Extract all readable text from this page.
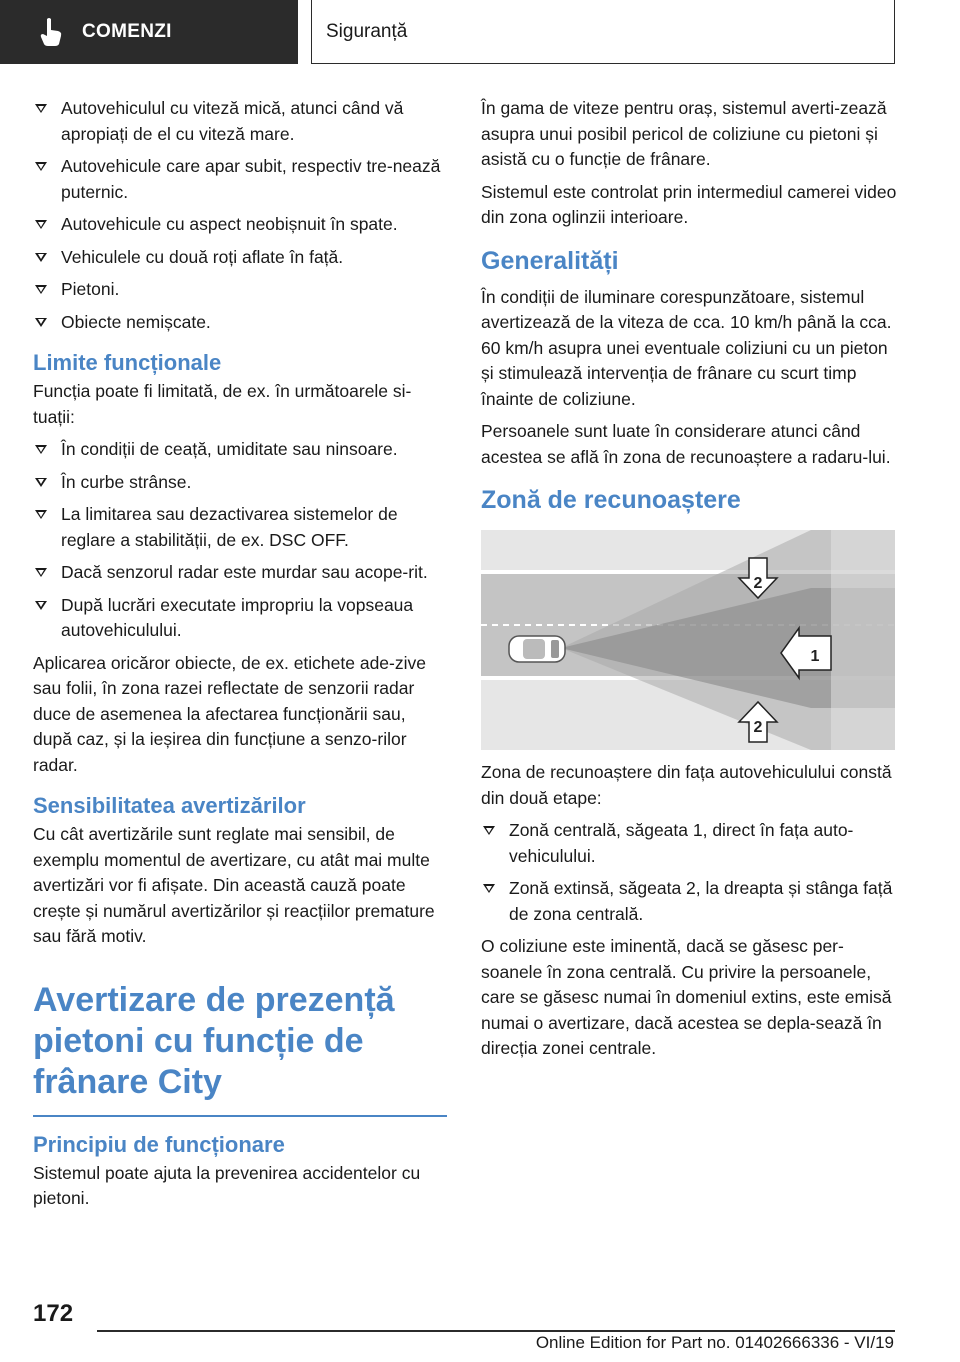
COMENZI	Siguranță
Autovehiculul cu viteză mică, atunci când vă apropiați de el cu viteză mare.
Autovehicule care apar subit, respectiv tre-nează puternic.
Autovehicule cu aspect neobișnuit în spate.
Vehiculele cu două roți aflate în față.
Pietoni.
Obiecte nemișcate.
Limite funcționale

Funcția poate fi limitată, de ex. în următoarele si-tuații:

În condiții de ceață, umiditate sau ninsoare.
În curbe strânse.
La limitarea sau dezactivarea sistemelor de reglare a stabilității, de ex. DSC OFF.
Dacă senzorul radar este murdar sau acope-rit.
După lucrări executate impropriu la vopseaua autovehiculului.

Aplicarea oricăror obiecte, de ex. etichete ade-zive sau folii, în zona razei reflectate de senzorii radar duce de asemenea la afectarea funcționării sau, după caz, și la ieșirea din funcțiune a senzo-rilor radar.

Sensibilitatea avertizărilor

Cu cât avertizările sunt reglate mai sensibil, de exemplu momentul de avertizare, cu atât mai multe avertizări vor fi afișate. Din această cauză poate crește și numărul avertizărilor și reacțiilor premature sau fără motiv.

Avertizare de prezență pietoni cu funcție de frânare City
Principiu de funcționare

Sistemul poate ajuta la prevenirea accidentelor cu pietoni.

În gama de viteze pentru oraș, sistemul averti-zează asupra unui posibil pericol de coliziune cu pietoni și asistă cu o funcție de frânare.

Sistemul este controlat prin intermediul camerei video din zona oglinzii interioare.

Generalități

În condiții de iluminare corespunzătoare, sistemul avertizează de la viteza de cca. 10 km/h până la cca. 60 km/h asupra unei eventuale coliziuni cu un pieton și stimulează intervenția de frânare cu scurt timp înainte de coliziune.

Persoanele sunt luate în considerare atunci când acestea se află în zona de recunoaștere a radaru-lui.

Zonă de recunoaștere
2
1
2

Zona de recunoaștere din fața autovehiculului constă din două etape:

Zonă centrală, săgeata 1, direct în fața auto-vehiculului.
Zonă extinsă, săgeata 2, la dreapta și stânga față de zona centrală.

O coliziune este iminentă, dacă se găsesc per-soanele în zona centrală. Cu privire la persoanele, care se găsesc numai în domeniul extins, este emisă numai o avertizare, dacă acestea se depla-sează în direcția zonei centrale.

172
Online Edition for Part no. 01402666336 - VI/19
